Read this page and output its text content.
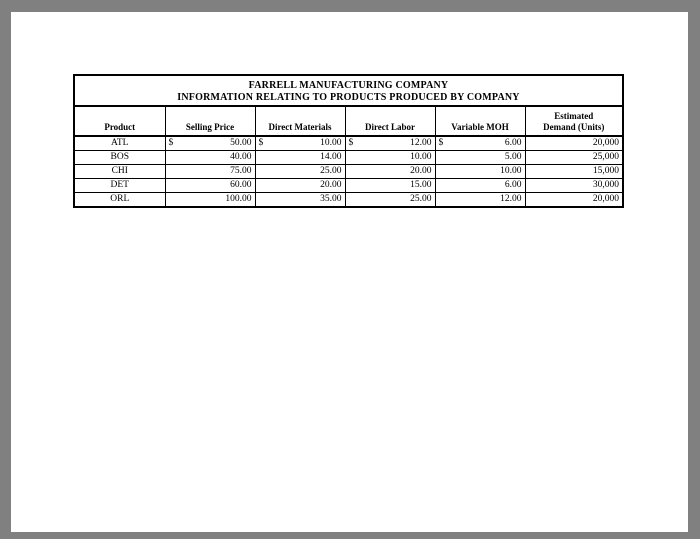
FARRELL MANUFACTURING COMPANY
INFORMATION RELATING TO PRODUCTS PRODUCED BY COMPANY
Product	Selling Price	Direct Materials	Direct Labor	Variable MOH	Estimated
Demand (Units)

ATL	$ 50.00	$ 10.00	$ 12.00	$ 6.00	20,000
BOS	40.00	14.00	10.00	5.00	25,000
CHI	75.00	25.00	20.00	10.00	15,000
DET	60.00	20.00	15.00	6.00	30,000
ORL	100.00	35.00	25.00	12.00	20,000
